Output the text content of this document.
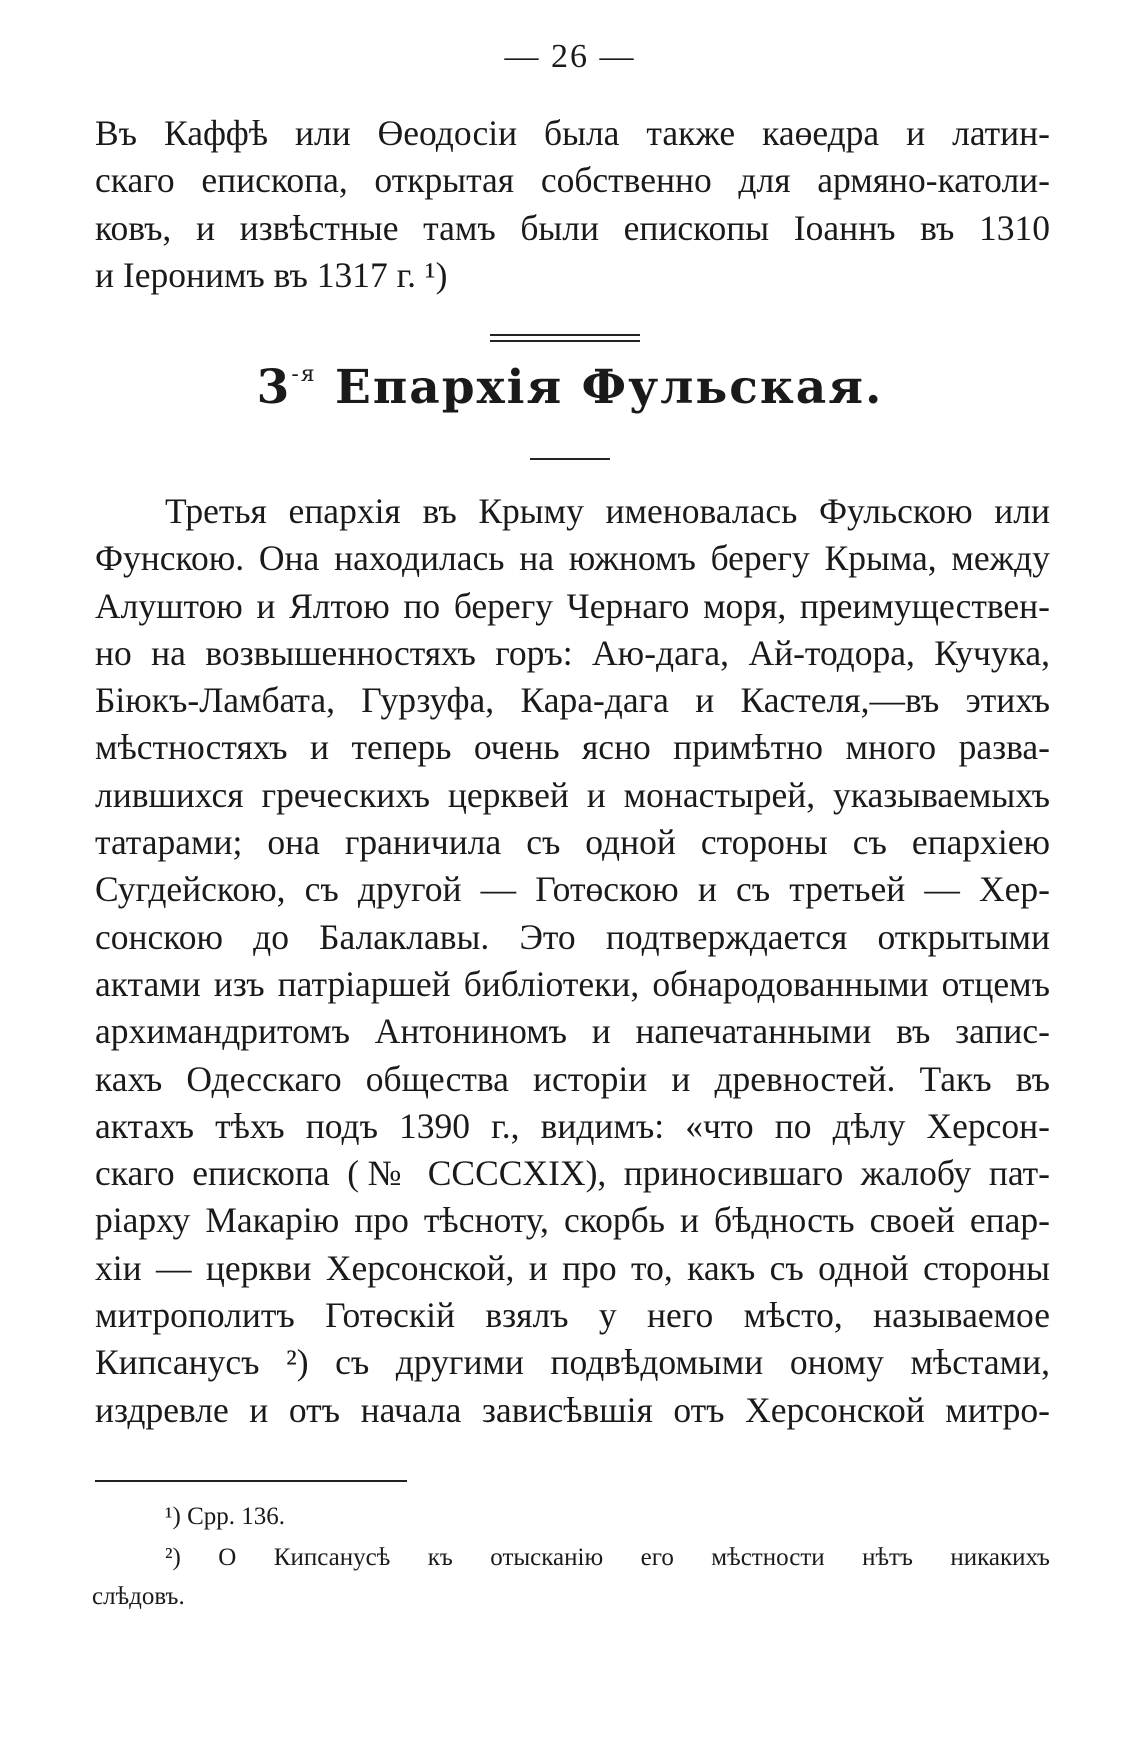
— 26 —
Въ Каффѣ или Өеодосіи была также каөедра и латин-
скаго епископа, открытая собственно для армяно-католи-
ковъ, и извѣстные тамъ были епископы Іоаннъ въ 1310
и Іеронимъ въ 1317 г. ¹)
$3^{-я}$ Епархія Фульская.
Третья епархія въ Крыму именовалась Фульскою или
Фунскою. Она находилась на южномъ берегу Крыма, между
Алуштою и Ялтою по берегу Чернаго моря, преимуществен-
но на возвышенностяхъ горъ: Аю-дага, Ай-тодора, Кучука,
Біюкъ-Ламбата, Гурзуфа, Кара-дага и Кастеля,—въ этихъ
мѣстностяхъ и теперь очень ясно примѣтно много разва-
лившихся греческихъ церквей и монастырей, указываемыхъ
татарами; она граничила съ одной стороны съ епархіею
Сугдейскою, съ другой — Готөскою и съ третьей — Хер-
сонскою до Балаклавы. Это подтверждается открытыми
актами изъ патріаршей библіотеки, обнародованными отцемъ
архимандритомъ Антониномъ и напечатанными въ запис-
кахъ Одесскаго общества исторіи и древностей. Такъ въ
актахъ тѣхъ подъ 1390 г., видимъ: «что по дѣлу Херсон-
скаго епископа (№ CCCCXIX), приносившаго жалобу пат-
ріарху Макарію про тѣсноту, скорбь и бѣдность своей епар-
хіи — церкви Херсонской, и про то, какъ съ одной стороны
митрополитъ Готөскій взялъ у него мѣсто, называемое
Кипсанусъ ²) съ другими подвѣдомыми оному мѣстами,
издревле и отъ начала зависѣвшія отъ Херсонской митро-
¹) Срр. 136.
²) О Кипсанусѣ къ отысканію его мѣстности нѣтъ никакихъ
слѣдовъ.
